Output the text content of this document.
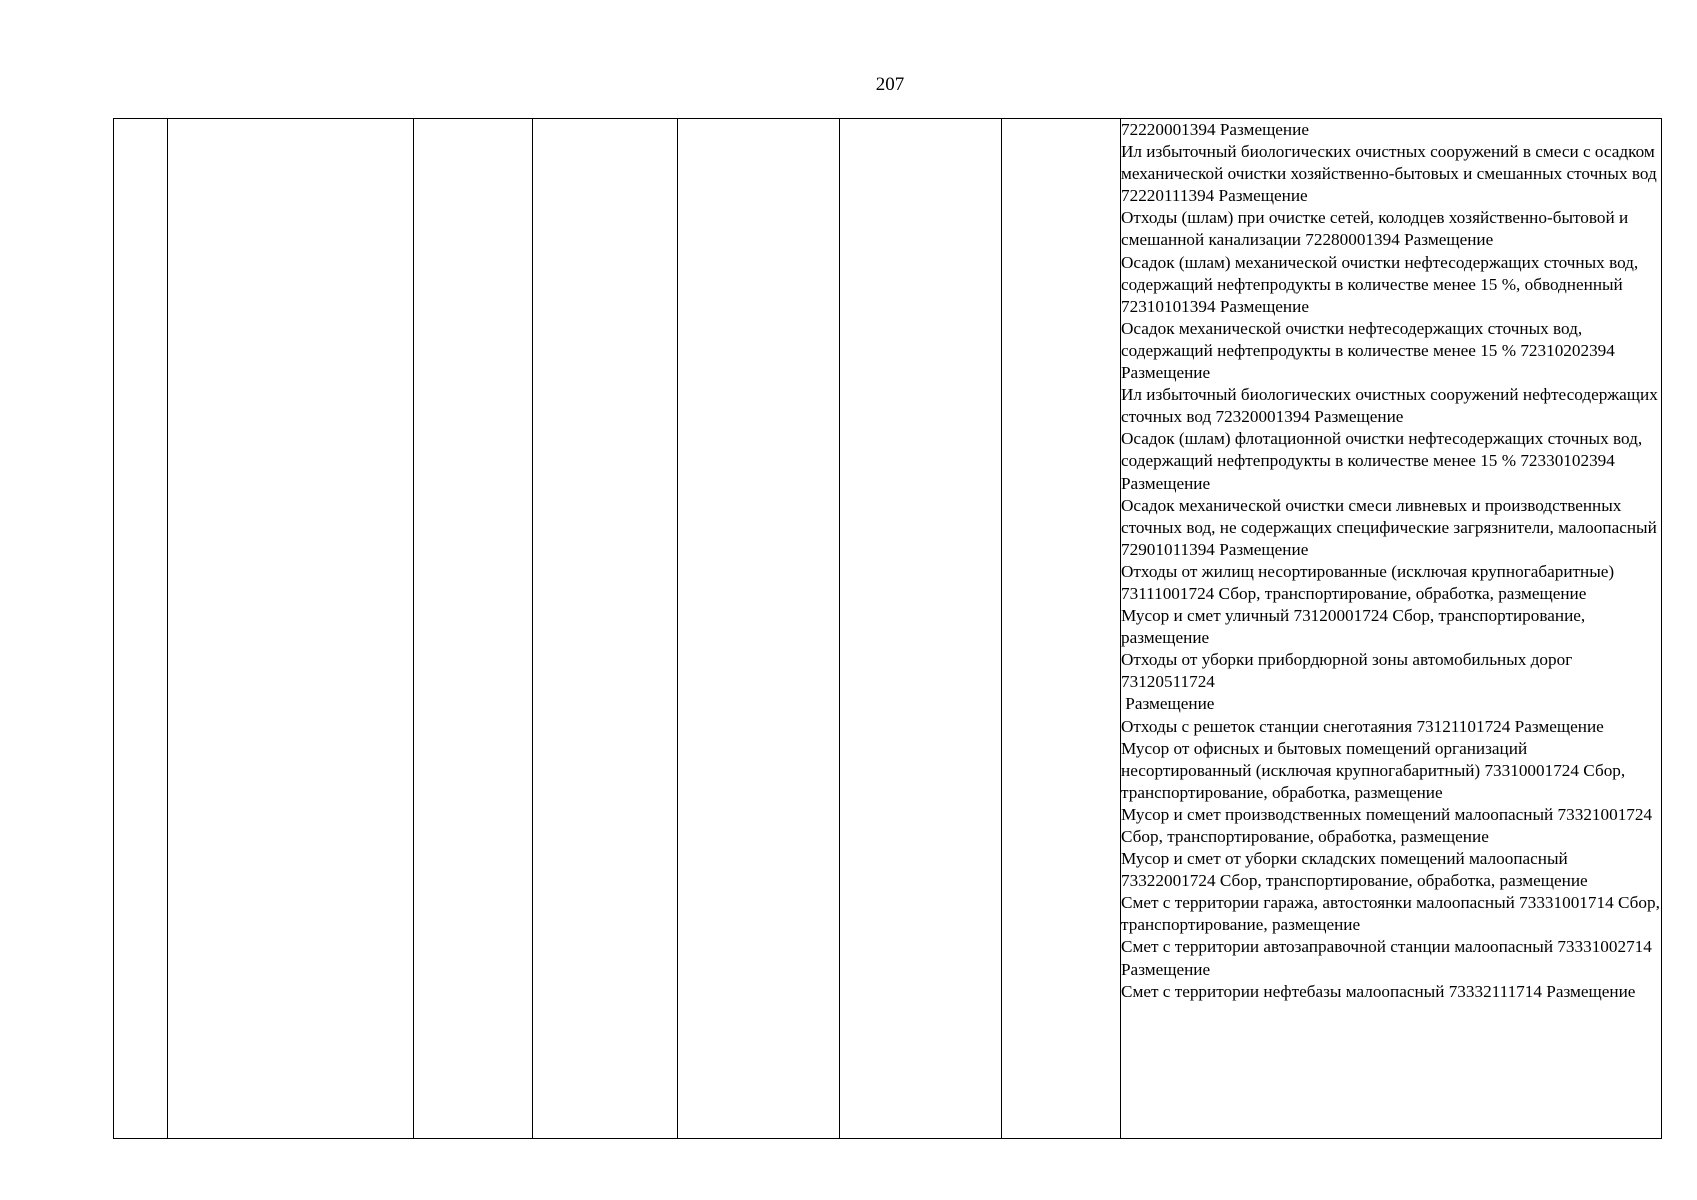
207

72220001394 Размещение
Ил избыточный биологических очистных сооружений в смеси с осадком механической очистки хозяйственно-бытовых и смешанных сточных вод 72220111394 Размещение
Отходы (шлам) при очистке сетей, колодцев хозяйственно-бытовой и смешанной канализации 72280001394 Размещение
Осадок (шлам) механической очистки нефтесодержащих сточных вод, содержащий нефтепродукты в количестве менее 15 %, обводненный 72310101394 Размещение
Осадок механической очистки нефтесодержащих сточных вод, содержащий нефтепродукты в количестве менее 15 % 72310202394 Размещение
Ил избыточный биологических очистных сооружений нефтесодержащих сточных вод 72320001394 Размещение
Осадок (шлам) флотационной очистки нефтесодержащих сточных вод, содержащий нефтепродукты в количестве менее 15 % 72330102394 Размещение
Осадок механической очистки смеси ливневых и производственных сточных вод, не содержащих специфические загрязнители, малоопасный 72901011394 Размещение
Отходы от жилищ несортированные (исключая крупногабаритные) 73111001724 Сбор, транспортирование, обработка, размещение
Мусор и смет уличный 73120001724 Сбор, транспортирование, размещение
Отходы от уборки прибордюрной зоны автомобильных дорог 73120511724
Размещение
Отходы с решеток станции снеготаяния 73121101724 Размещение
Мусор от офисных и бытовых помещений организаций несортированный (исключая крупногабаритный) 73310001724 Сбор, транспортирование, обработка, размещение
Мусор и смет производственных помещений малоопасный 73321001724 Сбор, транспортирование, обработка, размещение
Мусор и смет от уборки складских помещений малоопасный 73322001724 Сбор, транспортирование, обработка, размещение
Смет с территории гаража, автостоянки малоопасный 73331001714 Сбор, транспортирование, размещение
Смет с территории автозаправочной станции малоопасный 73331002714 Размещение
Смет с территории нефтебазы малоопасный 73332111714 Размещение
